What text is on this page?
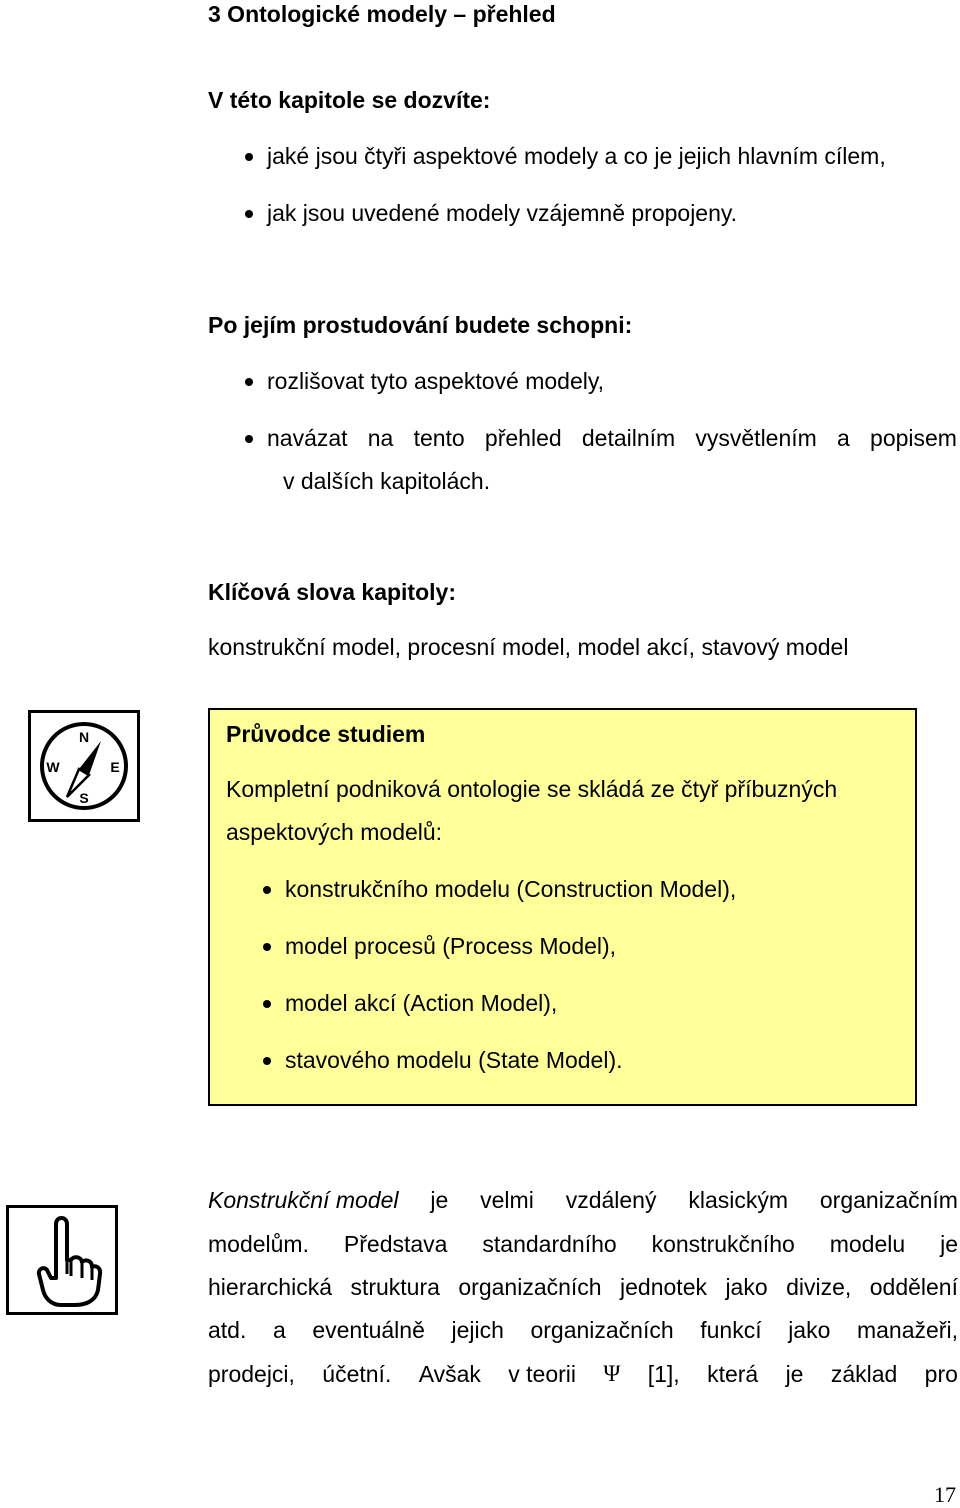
3 Ontologické modely – přehled
V této kapitole se dozvíte:
jaké jsou čtyři aspektové modely a co je jejich hlavním cílem,
jak jsou uvedené modely vzájemně propojeny.
Po jejím prostudování budete schopni:
rozlišovat tyto aspektové modely,
navázat na tento přehled detailním vysvětlením a popisem
v dalších kapitolách.
Klíčová slova kapitoly:
konstrukční model, procesní model, model akcí, stavový model
N
E
S
W
Průvodce studiem
Kompletní podniková ontologie se skládá ze čtyř příbuzných
aspektových modelů:
konstrukčního modelu (Construction Model),
model procesů (Process Model),
model akcí (Action Model),
stavového modelu (State Model).
Konstrukční model je velmi vzdálený klasickým organizačním
modelům. Představa standardního konstrukčního modelu je
hierarchická struktura organizačních jednotek jako divize, oddělení
atd. a eventuálně jejich organizačních funkcí jako manažeři,
prodejci, účetní. Avšak v teorii Ψ [1], která je základ pro
17
